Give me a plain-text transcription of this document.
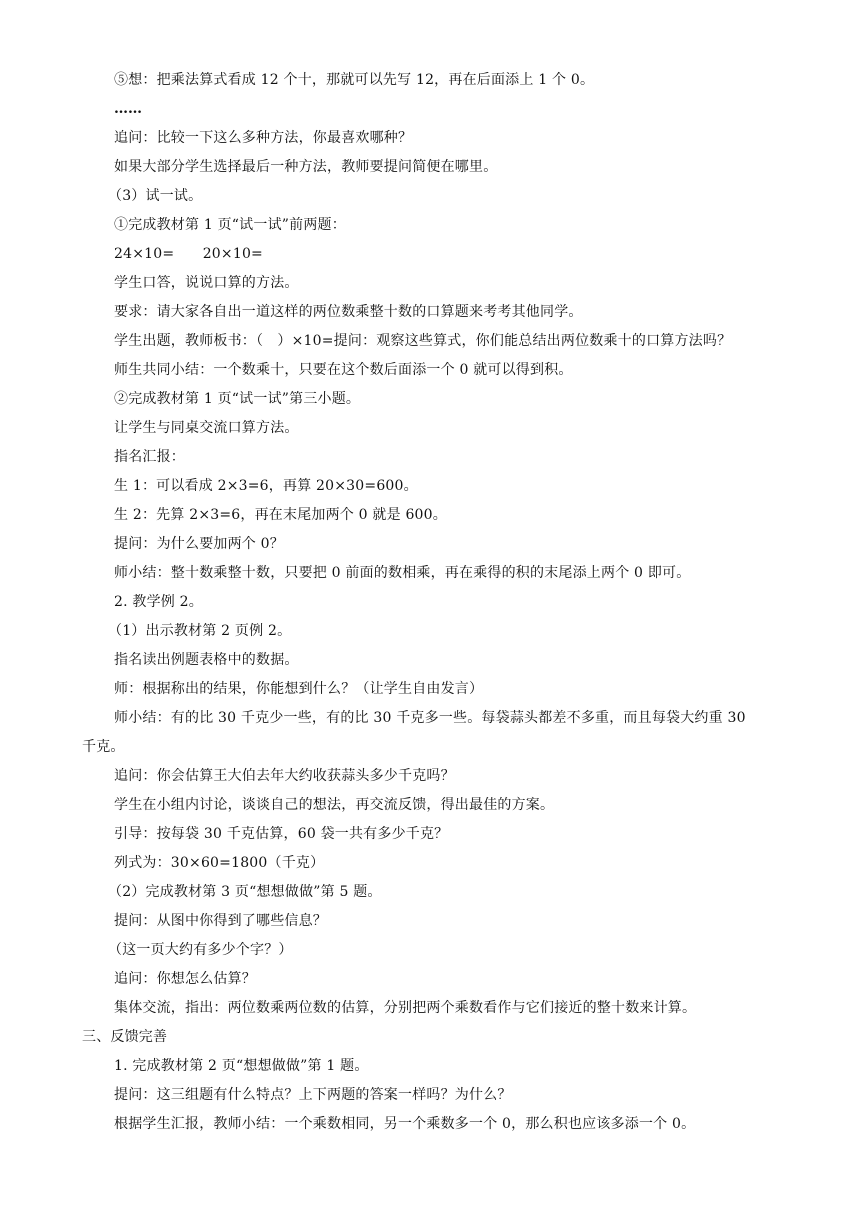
⑤想：把乘法算式看成 12 个十，那就可以先写 12，再在后面添上 1 个 0。

……

追问：比较一下这么多种方法，你最喜欢哪种？

如果大部分学生选择最后一种方法，教师要提问简便在哪里。

（3）试一试。

①完成教材第 1 页“试一试”前两题：

24×10=　　20×10=

学生口答，说说口算的方法。

要求：请大家各自出一道这样的两位数乘整十数的口算题来考考其他同学。

学生出题，教师板书：（　）×10=提问：观察这些算式，你们能总结出两位数乘十的口算方法吗？

师生共同小结：一个数乘十，只要在这个数后面添一个 0 就可以得到积。

②完成教材第 1 页“试一试”第三小题。

让学生与同桌交流口算方法。

指名汇报：

生 1：可以看成 2×3=6，再算 20×30=600。

生 2：先算 2×3=6，再在末尾加两个 0 就是 600。

提问：为什么要加两个 0？

师小结：整十数乘整十数，只要把 0 前面的数相乘，再在乘得的积的末尾添上两个 0 即可。

2. 教学例 2。

（1）出示教材第 2 页例 2。

指名读出例题表格中的数据。

师：根据称出的结果，你能想到什么？（让学生自由发言）

师小结：有的比 30 千克少一些，有的比 30 千克多一些。每袋蒜头都差不多重，而且每袋大约重 30

千克。

追问：你会估算王大伯去年大约收获蒜头多少千克吗？

学生在小组内讨论，谈谈自己的想法，再交流反馈，得出最佳的方案。

引导：按每袋 30 千克估算，60 袋一共有多少千克？

列式为：30×60=1800（千克）

（2）完成教材第 3 页“想想做做”第 5 题。

提问：从图中你得到了哪些信息？

（这一页大约有多少个字？）

追问：你想怎么估算？

集体交流，指出：两位数乘两位数的估算，分别把两个乘数看作与它们接近的整十数来计算。

三、反馈完善

1. 完成教材第 2 页“想想做做”第 1 题。

提问：这三组题有什么特点？上下两题的答案一样吗？为什么？

根据学生汇报，教师小结：一个乘数相同，另一个乘数多一个 0，那么积也应该多添一个 0。
